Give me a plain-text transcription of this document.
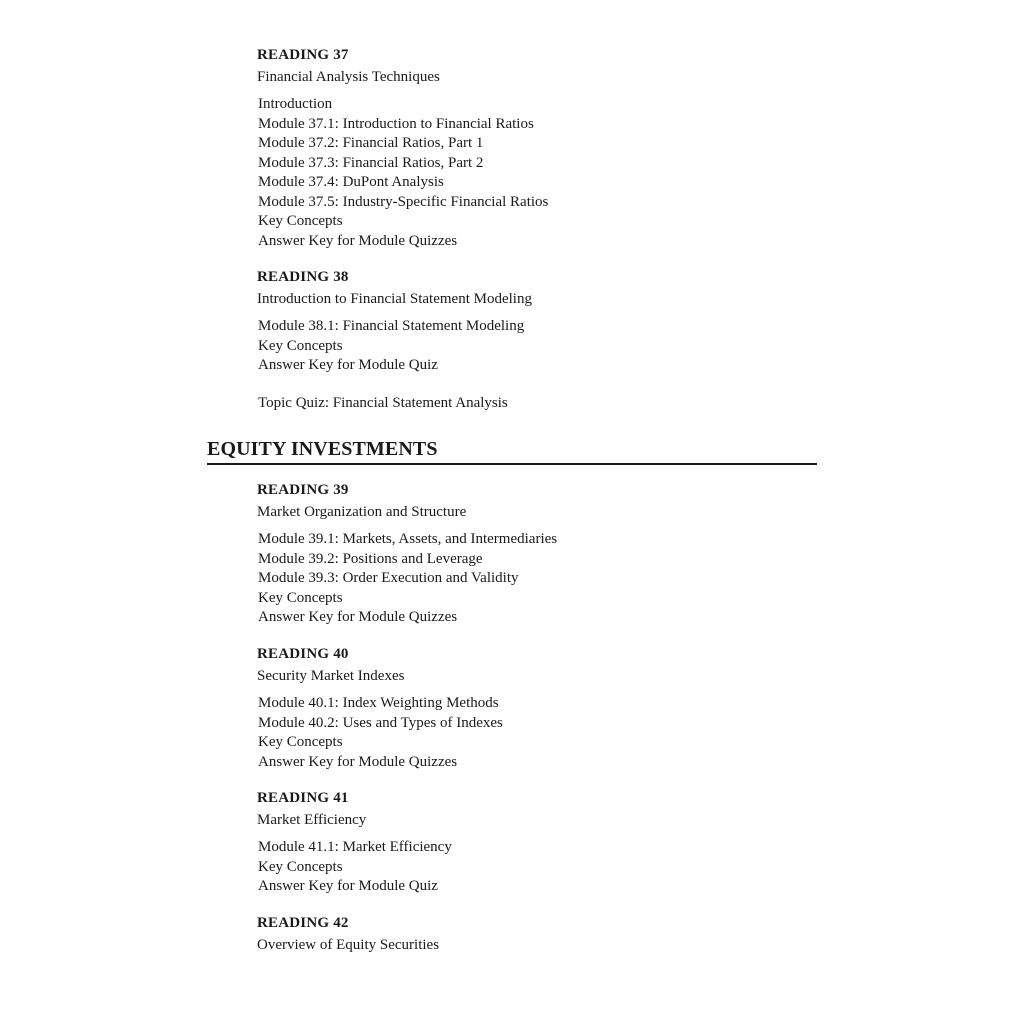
READING 37

Financial Analysis Techniques

Introduction
Module 37.1: Introduction to Financial Ratios
Module 37.2: Financial Ratios, Part 1
Module 37.3: Financial Ratios, Part 2
Module 37.4: DuPont Analysis
Module 37.5: Industry-Specific Financial Ratios
Key Concepts
Answer Key for Module Quizzes

READING 38

Introduction to Financial Statement Modeling

Module 38.1: Financial Statement Modeling
Key Concepts
Answer Key for Module Quiz

Topic Quiz: Financial Statement Analysis

EQUITY INVESTMENTS

READING 39

Market Organization and Structure

Module 39.1: Markets, Assets, and Intermediaries
Module 39.2: Positions and Leverage
Module 39.3: Order Execution and Validity
Key Concepts
Answer Key for Module Quizzes

READING 40

Security Market Indexes

Module 40.1: Index Weighting Methods
Module 40.2: Uses and Types of Indexes
Key Concepts
Answer Key for Module Quizzes

READING 41

Market Efficiency

Module 41.1: Market Efficiency
Key Concepts
Answer Key for Module Quiz

READING 42

Overview of Equity Securities
